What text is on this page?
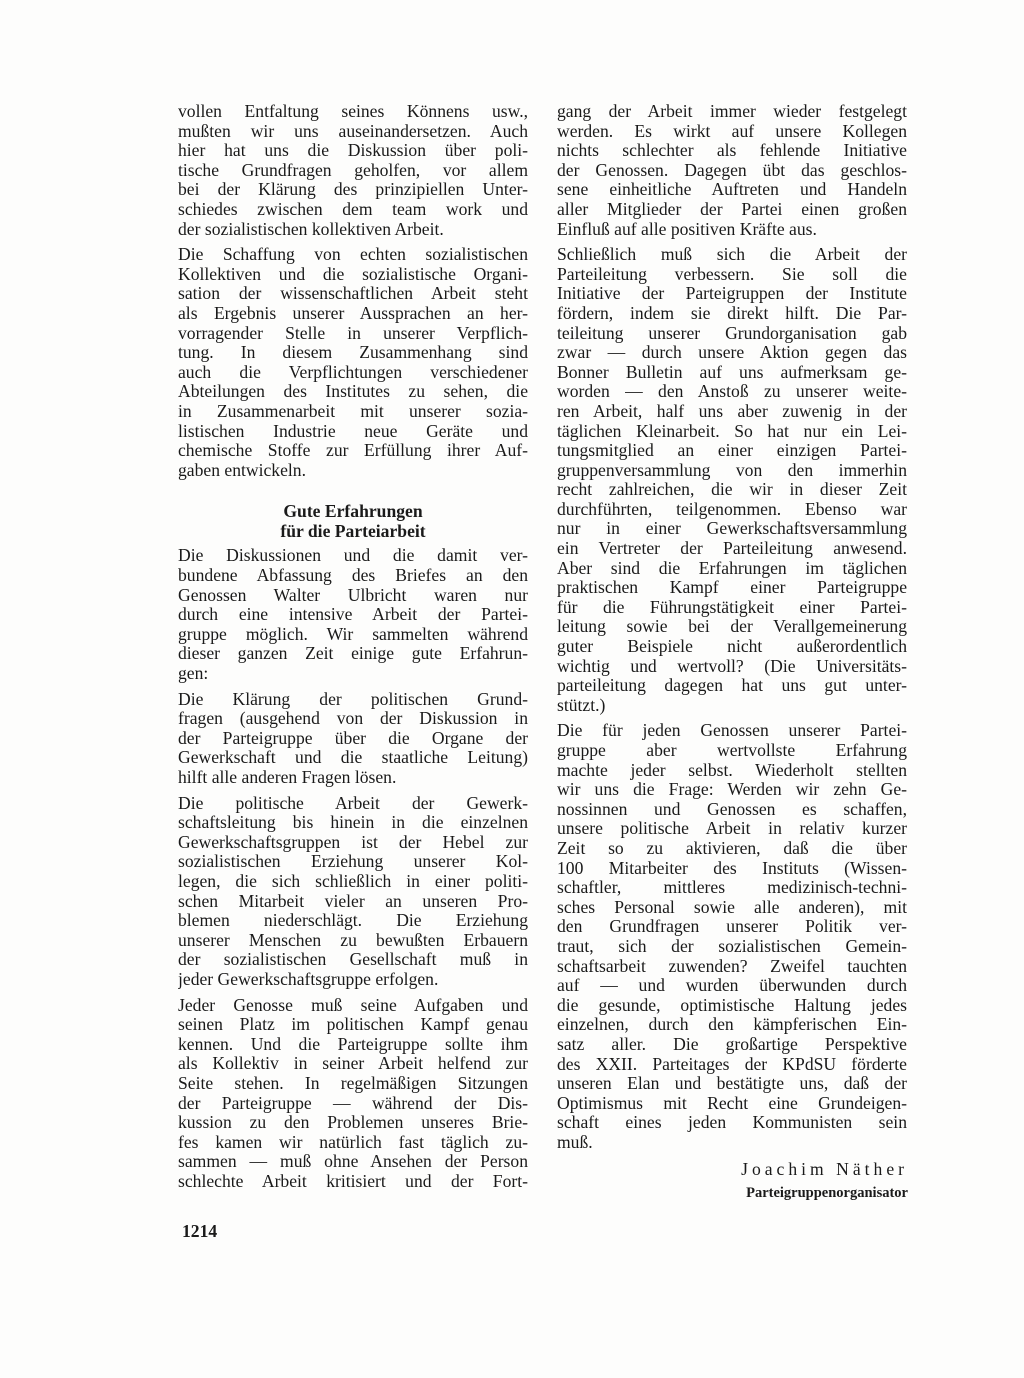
vollen Entfaltung seines Könnens usw.,
mußten wir uns auseinandersetzen. Auch
hier hat uns die Diskussion über poli-
tische Grundfragen geholfen, vor allem
bei der Klärung des prinzipiellen Unter-
schiedes zwischen dem team work und
der sozialistischen kollektiven Arbeit.
Die Schaffung von echten sozialistischen
Kollektiven und die sozialistische Organi-
sation der wissenschaftlichen Arbeit steht
als Ergebnis unserer Aussprachen an her-
vorragender Stelle in unserer Verpflich-
tung. In diesem Zusammenhang sind
auch die Verpflichtungen verschiedener
Abteilungen des Institutes zu sehen, die
in Zusammenarbeit mit unserer sozia-
listischen Industrie neue Geräte und
chemische Stoffe zur Erfüllung ihrer Auf-
gaben entwickeln.
Gute Erfahrungen
für die Parteiarbeit
Die Diskussionen und die damit ver-
bundene Abfassung des Briefes an den
Genossen Walter Ulbricht waren nur
durch eine intensive Arbeit der Partei-
gruppe möglich. Wir sammelten während
dieser ganzen Zeit einige gute Erfahrun-
gen:
Die Klärung der politischen Grund-
fragen (ausgehend von der Diskussion in
der Parteigruppe über die Organe der
Gewerkschaft und die staatliche Leitung)
hilft alle anderen Fragen lösen.
Die politische Arbeit der Gewerk-
schaftsleitung bis hinein in die einzelnen
Gewerkschaftsgruppen ist der Hebel zur
sozialistischen Erziehung unserer Kol-
legen, die sich schließlich in einer politi-
schen Mitarbeit vieler an unseren Pro-
blemen niederschlägt. Die Erziehung
unserer Menschen zu bewußten Erbauern
der sozialistischen Gesellschaft muß in
jeder Gewerkschaftsgruppe erfolgen.
Jeder Genosse muß seine Aufgaben und
seinen Platz im politischen Kampf genau
kennen. Und die Parteigruppe sollte ihm
als Kollektiv in seiner Arbeit helfend zur
Seite stehen. In regelmäßigen Sitzungen
der Parteigruppe — während der Dis-
kussion zu den Problemen unseres Brie-
fes kamen wir natürlich fast täglich zu-
sammen — muß ohne Ansehen der Person
schlechte Arbeit kritisiert und der Fort-
gang der Arbeit immer wieder festgelegt
werden. Es wirkt auf unsere Kollegen
nichts schlechter als fehlende Initiative
der Genossen. Dagegen übt das geschlos-
sene einheitliche Auftreten und Handeln
aller Mitglieder der Partei einen großen
Einfluß auf alle positiven Kräfte aus.
Schließlich muß sich die Arbeit der
Parteileitung verbessern. Sie soll die
Initiative der Parteigruppen der Institute
fördern, indem sie direkt hilft. Die Par-
teileitung unserer Grundorganisation gab
zwar — durch unsere Aktion gegen das
Bonner Bulletin auf uns aufmerksam ge-
worden — den Anstoß zu unserer weite-
ren Arbeit, half uns aber zuwenig in der
täglichen Kleinarbeit. So hat nur ein Lei-
tungsmitglied an einer einzigen Partei-
gruppenversammlung von den immerhin
recht zahlreichen, die wir in dieser Zeit
durchführten, teilgenommen. Ebenso war
nur in einer Gewerkschaftsversammlung
ein Vertreter der Parteileitung anwesend.
Aber sind die Erfahrungen im täglichen
praktischen Kampf einer Parteigruppe
für die Führungstätigkeit einer Partei-
leitung sowie bei der Verallgemeinerung
guter Beispiele nicht außerordentlich
wichtig und wertvoll? (Die Universitäts-
parteileitung dagegen hat uns gut unter-
stützt.)
Die für jeden Genossen unserer Partei-
gruppe aber wertvollste Erfahrung
machte jeder selbst. Wiederholt stellten
wir uns die Frage: Werden wir zehn Ge-
nossinnen und Genossen es schaffen,
unsere politische Arbeit in relativ kurzer
Zeit so zu aktivieren, daß die über
100 Mitarbeiter des Instituts (Wissen-
schaftler, mittleres medizinisch-techni-
sches Personal sowie alle anderen), mit
den Grundfragen unserer Politik ver-
traut, sich der sozialistischen Gemein-
schaftsarbeit zuwenden? Zweifel tauchten
auf — und wurden überwunden durch
die gesunde, optimistische Haltung jedes
einzelnen, durch den kämpferischen Ein-
satz aller. Die großartige Perspektive
des XXII. Parteitages der KPdSU förderte
unseren Elan und bestätigte uns, daß der
Optimismus mit Recht eine Grundeigen-
schaft eines jeden Kommunisten sein
muß.
Joachim Näther
Parteigruppenorganisator
1214
